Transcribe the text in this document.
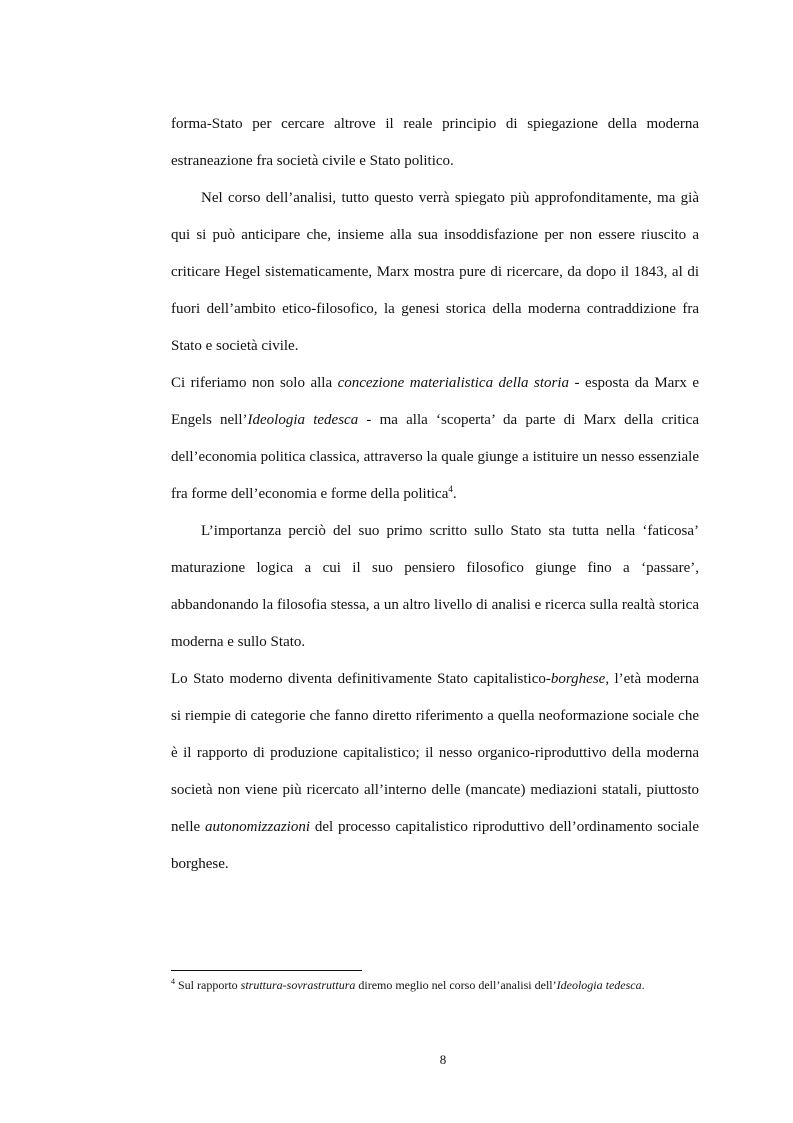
forma-Stato per cercare altrove il reale principio di spiegazione della moderna estraneazione fra società civile e Stato politico.

Nel corso dell’analisi, tutto questo verrà spiegato più approfonditamente, ma già qui si può anticipare che, insieme alla sua insoddisfazione per non essere riuscito a criticare Hegel sistematicamente, Marx mostra pure di ricercare, da dopo il 1843, al di fuori dell’ambito etico-filosofico, la genesi storica della moderna contraddizione fra Stato e società civile.

Ci riferiamo non solo alla concezione materialistica della storia - esposta da Marx e Engels nell’Ideologia tedesca - ma alla ‘scoperta’ da parte di Marx della critica dell’economia politica classica, attraverso la quale giunge a istituire un nesso essenziale fra forme dell’economia e forme della politica$^4$.

L’importanza perciò del suo primo scritto sullo Stato sta tutta nella ‘faticosa’ maturazione logica a cui il suo pensiero filosofico giunge fino a ‘passare’, abbandonando la filosofia stessa, a un altro livello di analisi e ricerca sulla realtà storica moderna e sullo Stato.

Lo Stato moderno diventa definitivamente Stato capitalistico-borghese, l’età moderna si riempie di categorie che fanno diretto riferimento a quella neoformazione sociale che è il rapporto di produzione capitalistico; il nesso organico-riproduttivo della moderna società non viene più ricercato all’interno delle (mancate) mediazioni statali, piuttosto nelle autonomizzazioni del processo capitalistico riproduttivo dell’ordinamento sociale borghese.

$^4$ Sul rapporto struttura-sovrastruttura diremo meglio nel corso dell’analisi dell’Ideologia tedesca.
8
